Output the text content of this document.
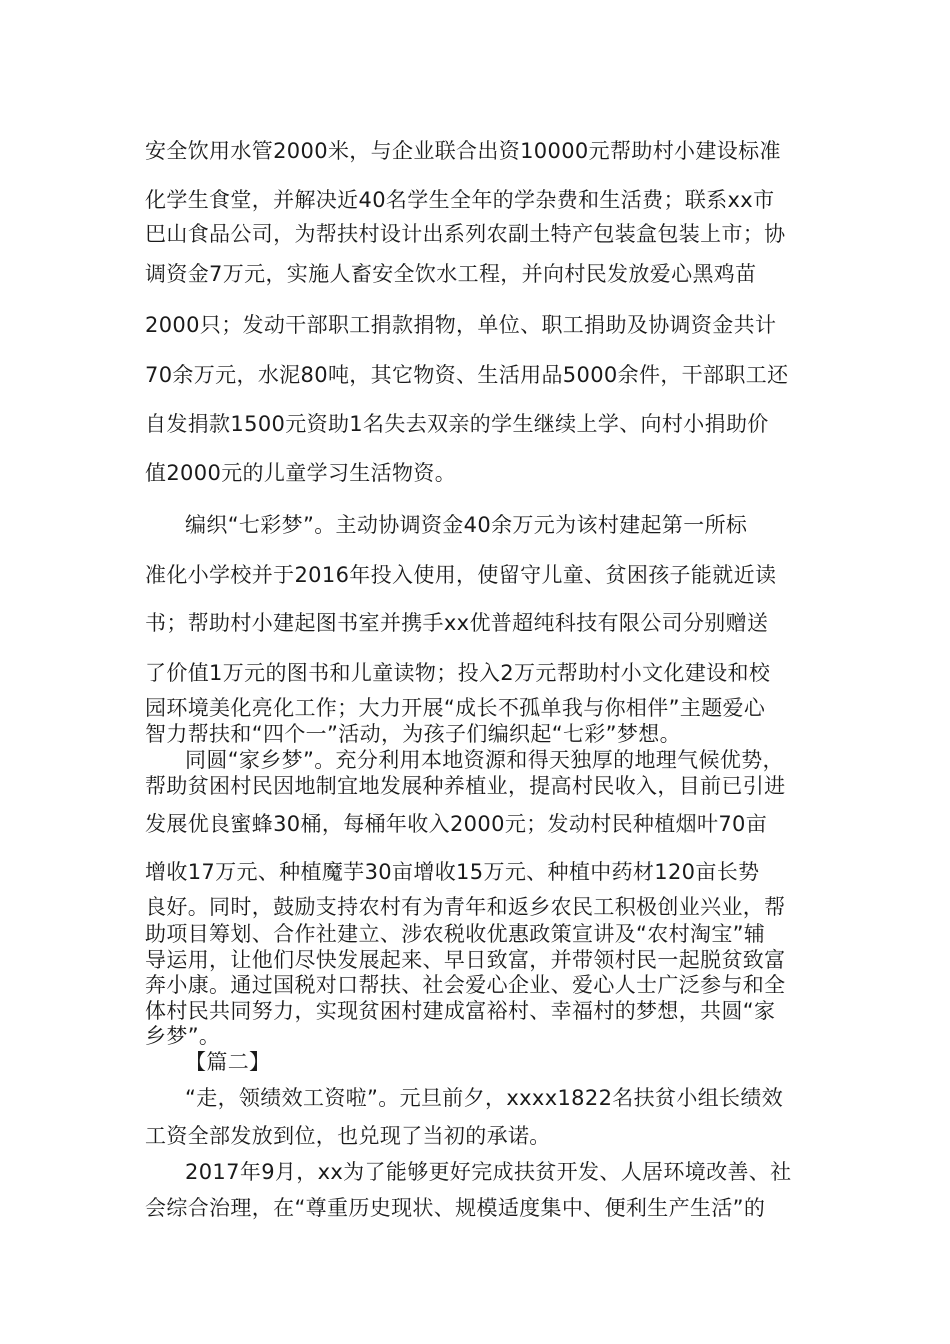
安全饮用水管2000米，与企业联合出资10000元帮助村小建设标准
化学生食堂，并解决近40名学生全年的学杂费和生活费；联系xx市
巴山食品公司，为帮扶村设计出系列农副土特产包装盒包装上市；协
调资金7万元，实施人畜安全饮水工程，并向村民发放爱心黑鸡苗
2000只；发动干部职工捐款捐物，单位、职工捐助及协调资金共计
70余万元，水泥80吨，其它物资、生活用品5000余件，干部职工还
自发捐款1500元资助1名失去双亲的学生继续上学、向村小捐助价
值2000元的儿童学习生活物资。
编织“七彩梦”。主动协调资金40余万元为该村建起第一所标
准化小学校并于2016年投入使用，使留守儿童、贫困孩子能就近读
书；帮助村小建起图书室并携手xx优普超纯科技有限公司分别赠送
了价值1万元的图书和儿童读物；投入2万元帮助村小文化建设和校
园环境美化亮化工作；大力开展“成长不孤单我与你相伴”主题爱心
智力帮扶和“四个一”活动，为孩子们编织起“七彩”梦想。
同圆“家乡梦”。充分利用本地资源和得天独厚的地理气候优势，
帮助贫困村民因地制宜地发展种养植业，提高村民收入，目前已引进
发展优良蜜蜂30桶，每桶年收入2000元；发动村民种植烟叶70亩
增收17万元、种植魔芋30亩增收15万元、种植中药材120亩长势
良好。同时，鼓励支持农村有为青年和返乡农民工积极创业兴业，帮
助项目筹划、合作社建立、涉农税收优惠政策宣讲及“农村淘宝”辅
导运用，让他们尽快发展起来、早日致富，并带领村民一起脱贫致富
奔小康。通过国税对口帮扶、社会爱心企业、爱心人士广泛参与和全
体村民共同努力，实现贫困村建成富裕村、幸福村的梦想，共圆“家
乡梦”。
【篇二】
“走，领绩效工资啦”。元旦前夕，xxxx1822名扶贫小组长绩效
工资全部发放到位，也兑现了当初的承诺。
2017年9月，xx为了能够更好完成扶贫开发、人居环境改善、社
会综合治理，在“尊重历史现状、规模适度集中、便利生产生活”的
